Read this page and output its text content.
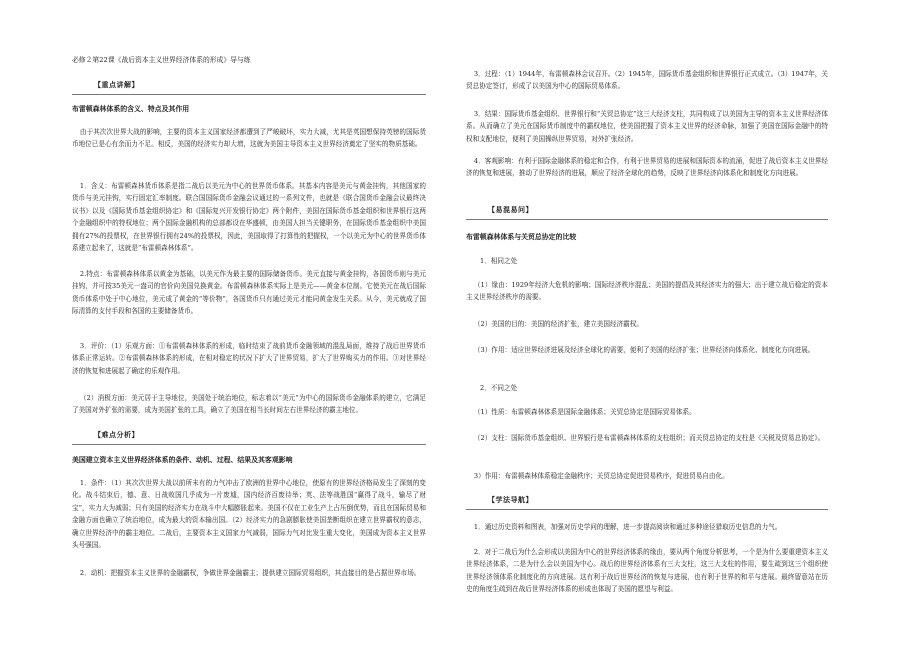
必修２第22课《战后资本主义世界经济体系的形成》导与练

【重点讲解】

布雷顿森林体系的含义、特点及其作用

由于其次次世界大战的影响，主要的资本主义国家经济都遭到了严峻破坏，实力大减，尤其是英国想保持英镑的国际货币地位已是心有余而力不足。相反，美国的经济实力却大增，这就为美国主导资本主义世界经济奠定了坚实的物质基础。

1．含义：布雷顿森林货币体系是指二战后以美元为中心的世界货币体系。其基本内容是美元与黄金挂钩，其他国家的货币与美元挂钩，实行固定汇率制度。联合国国际货币金融会议通过的一系列文件，也就是《联合国货币金融会议最终决议书》以及《国际货币基金组织协定》和《国际复兴开发银行协定》两个附件，美国在国际货币基金组织和世界银行这两个金融组织中的特权地位；两个国际金融机构的总部都设在华盛顿，由美国人担当关键职务，在国际货币基金组织中美国拥有27%的投票权，在世界银行拥有24%的投票权，因此，美国取得了打算性的把握权，一个以美元为中心的世界货币体系建立起来了，这就是“布雷顿森林体系”。

2.特点：布雷顿森林体系以黄金为基础，以美元作为最主要的国际储备货币。美元直接与黄金挂钩，各国货币则与美元挂钩，并可按35美元一盎司的官价向美国兑换黄金。布雷顿森林体系实际上是美元——黄金本位制。它使美元在战后国际货币体系中处于中心地位，美元成了黄金的“等价物”，各国货币只有通过美元才能同黄金发生关系。从今，美元就成了国际清算的支付手段和各国的主要储备货币。

3．评价：（1）乐观方面：①布雷顿森林体系的形成，临时结束了战前货币金融领域的混乱局面，维持了战后世界货币体系正常运转。②布雷顿森林体系的形成，在相对稳定的状况下扩大了世界贸易，扩大了世界购买力的作用。③对世界经济的恢复和进展起了确定的乐观作用。

（2）消极方面：美元居于主导地位，美国处于统治地位，标志着以“美元”为中心的国际货币金融体系的建立，它满足了美国对外扩张的需要，成为美国扩张的工具，确立了美国在相当长时间左右世界经济的霸主地位。

【难点分析】

美国建立资本主义世界经济体系的条件、动机、过程、结果及其客观影响

1．条件：（1）其次次世界大战以前所未有的力气冲击了欧洲的世界中心地位，使原有的世界经济格局发生了深刻的变化。战斗结束后，德、意、日战败国几乎成为一片废墟，国内经济百废待举；英、法等战胜国“赢得了战斗，输尽了财宝”，实力大为减弱；只有美国的经济实力在战斗中大幅膨胀起来。美国不仅在工业生产上占压倒优势，而且在国际贸易和金融方面也确立了统治地位，成为最大的资本输出国。（2）经济实力的急剧膨胀使美国垄断组织在建立世界霸权的意志，确立世界经济中的霸主地位。二战后，主要资本主义国家力气减弱，国际力气对比发生重大变化，美国成为资本主义世界头号强国。

2．动机：把握资本主义世界的金融霸权，争做世界金融霸主；提供建立国际贸易组织，其直接目的是占据世界市场。

3．过程：（1）1944年，布雷顿森林会议召开。（2）1945年，国际货币基金组织和世界银行正式成立。（3）1947年，关贸总协定签订，形成了以美国为中心的国际贸易体系。

3．结果：国际货币基金组织、世界银行和“关贸总协定”这三大经济支柱，共同构成了以美国为主导的资本主义世界经济体系。从而确立了美元在国际货币制度中的霸权地位，使美国把握了资本主义世界的经济命脉，加强了美国在国际金融中的特权和支配地位，便利了美国操纵世界贸易，对外扩张经济。

4．客观影响：有利于国际金融体系的稳定和合作，有利于世界贸易的进展和国际资本的流涌，促进了战后资本主义世界经济的恢复和进展，推动了世界经济的进展，顺应了经济全球化的趋势，反映了世界经济向体系化和制度化方向进展。

【易混易问】

布雷顿森林体系与关贸总协定的比较

1．相同之处

（1）缘由：1929年经济大危机的影响；国际经济秩序混乱；美国的提倡及其经济实力的强大；出于建立战后稳定的资本主义世界经济秩序的需要。

（2）美国的目的：美国的经济扩张，建立美国经济霸权。

（3）作用：适应世界经济进展及经济全球化的需要，便利了美国的经济扩张；世界经济向体系化、制度化方向进展。

2．不同之处

（1）性质：布雷顿森林体系是国际金融体系；关贸总协定是国际贸易体系。

（2）支柱：国际货币基金组织、世界银行是布雷顿森林体系的支柱组织；而关贸总协定的支柱是《关税及贸易总协定》。

3）作用：布雷顿森林体系稳定金融秩序；关贸总协定促进贸易秩序，促进贸易自由化。

【学法导航】

1．通过历史资料和图表，加强对历史学问的理解，进一步提高阅读和通过多种途径猎取历史信息的力气。

2．对于二战后为什么会形成以美国为中心的世界经济体系的缘由，要从两个角度分析思考，一个是为什么要重建资本主义世界经济体系，二是为什么会以美国为中心。战后的世界经济体系有三大支柱，这三大支柱的作用，要生疏到这三个组织使世界经济领体系化制度化的方向进展。这有利于战后世界经济的恢复与进展，也有利于世界的和平与进展。最终留意站在历史的角度生疏到在战后世界经济体系的形成也体现了美国的愿望与利益。
